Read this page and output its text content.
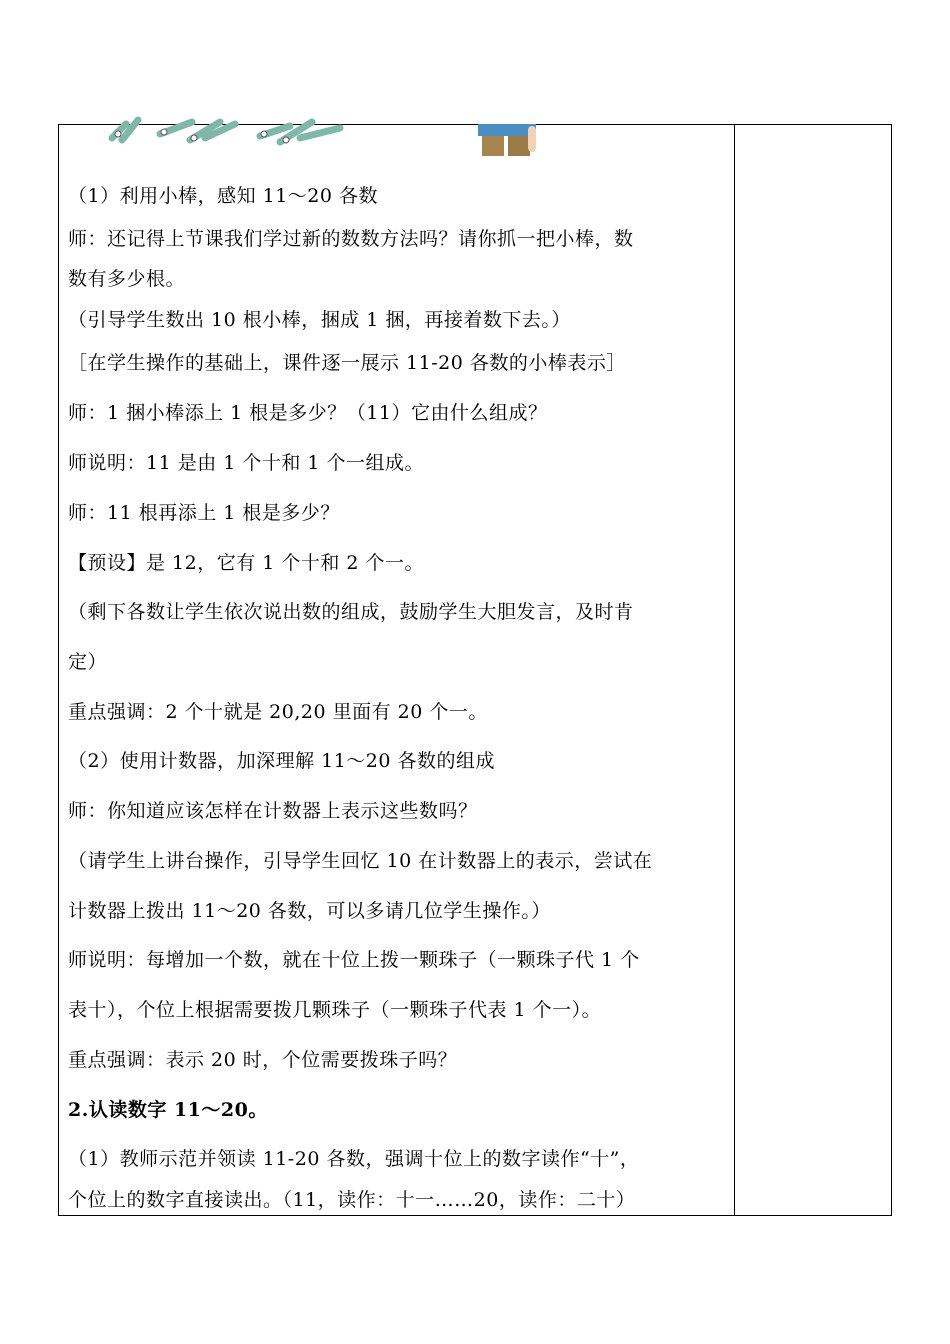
（1）利用小棒，感知 11～20 各数
师：还记得上节课我们学过新的数数方法吗？请你抓一把小棒，数
数有多少根。
（引导学生数出 10 根小棒，捆成 1 捆，再接着数下去。）
［在学生操作的基础上，课件逐一展示 11-20 各数的小棒表示］
师：1 捆小棒添上 1 根是多少？（11）它由什么组成？
师说明：11 是由 1 个十和 1 个一组成。
师：11 根再添上 1 根是多少？
【预设】是 12，它有 1 个十和 2 个一。
（剩下各数让学生依次说出数的组成，鼓励学生大胆发言，及时肯
定）
重点强调：2 个十就是 20,20 里面有 20 个一。
（2）使用计数器，加深理解 11～20 各数的组成
师：你知道应该怎样在计数器上表示这些数吗？
（请学生上讲台操作，引导学生回忆 10 在计数器上的表示，尝试在
计数器上拨出 11～20 各数，可以多请几位学生操作。）
师说明：每增加一个数，就在十位上拨一颗珠子（一颗珠子代 1 个
表十），个位上根据需要拨几颗珠子（一颗珠子代表 1 个一）。
重点强调：表示 20 时，个位需要拨珠子吗？
2.认读数字 11～20。
（1）教师示范并领读 11-20 各数，强调十位上的数字读作“十”，
个位上的数字直接读出。（11，读作：十一……20，读作：二十）
